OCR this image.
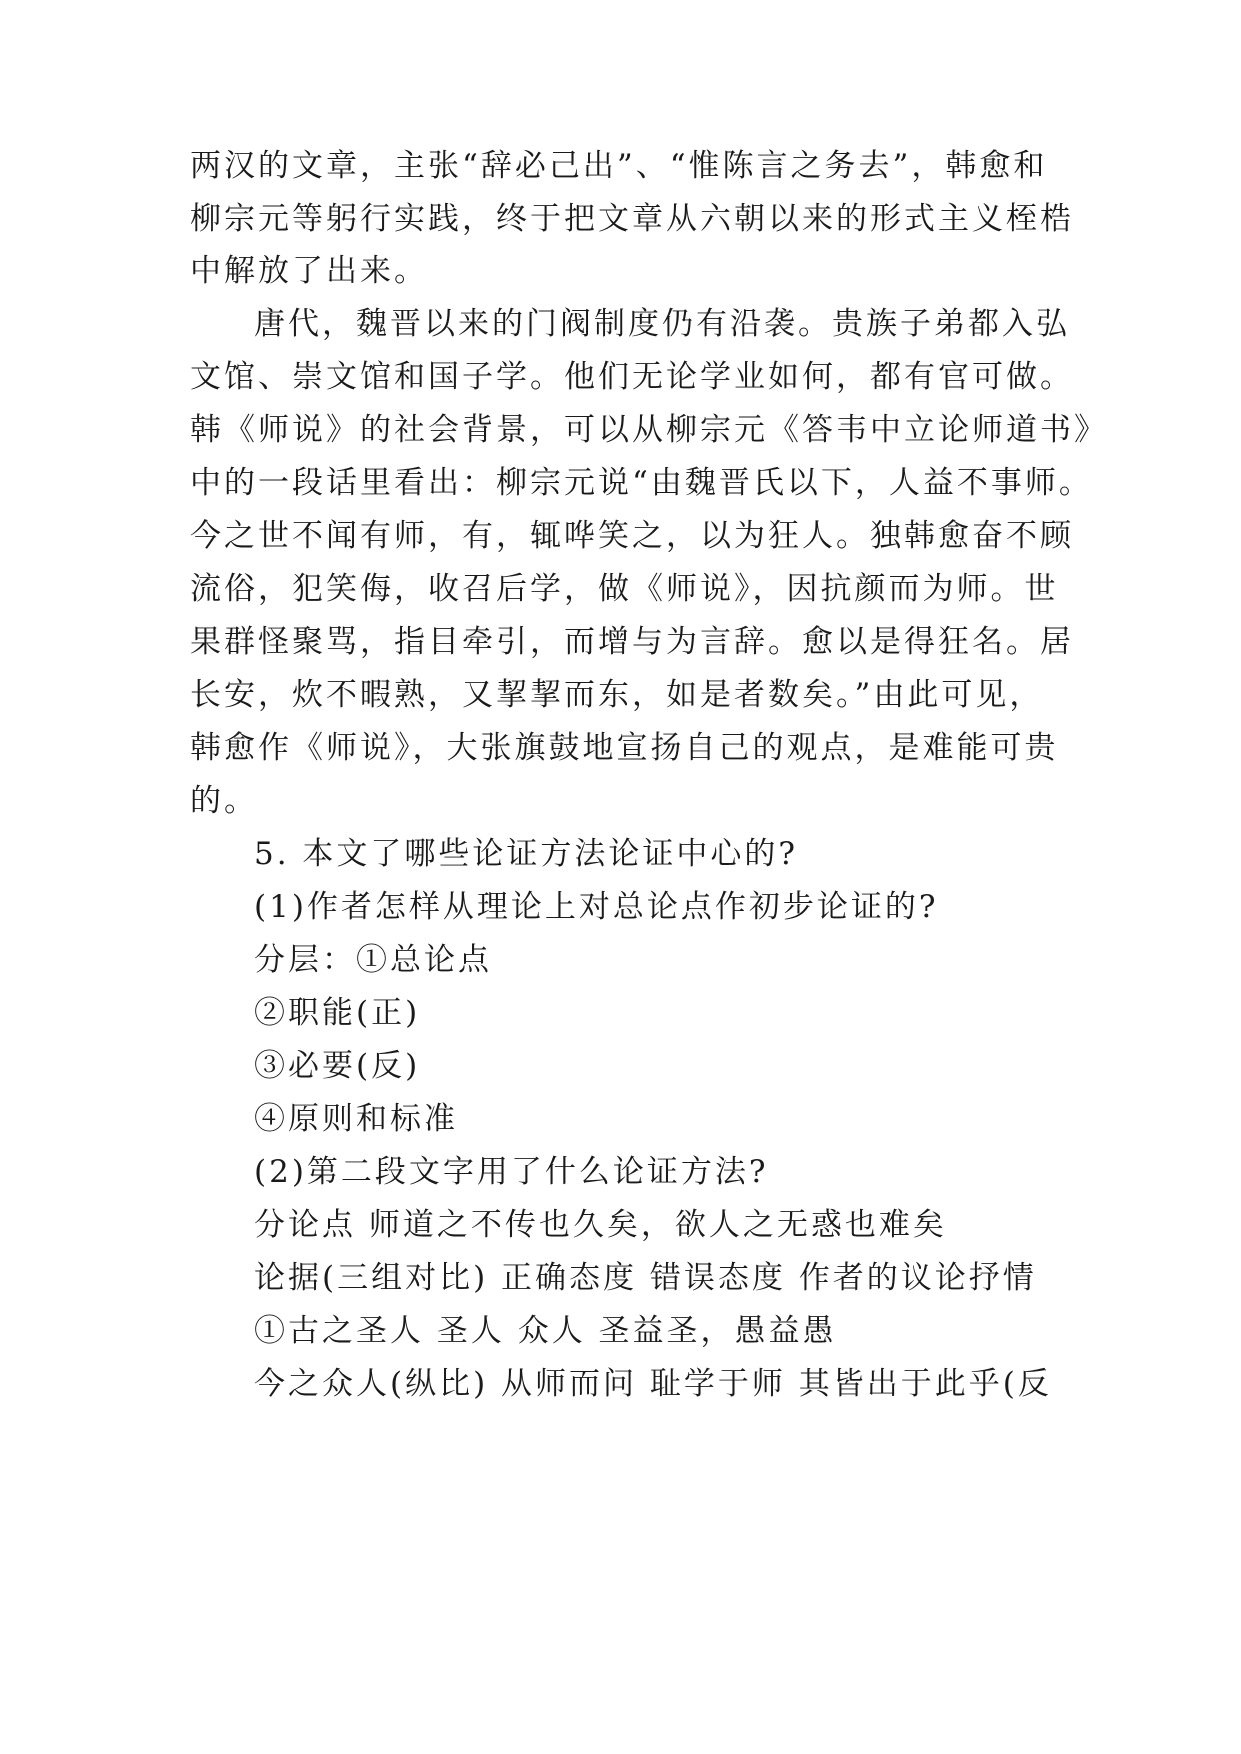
两汉的文章，主张“辞必己出”、“惟陈言之务去”，韩愈和
柳宗元等躬行实践，终于把文章从六朝以来的形式主义桎梏
中解放了出来。
唐代，魏晋以来的门阀制度仍有沿袭。贵族子弟都入弘
文馆、崇文馆和国子学。他们无论学业如何，都有官可做。
韩《师说》的社会背景，可以从柳宗元《答韦中立论师道书》
中的一段话里看出：柳宗元说“由魏晋氏以下，人益不事师。
今之世不闻有师，有，辄哗笑之，以为狂人。独韩愈奋不顾
流俗，犯笑侮，收召后学，做《师说》，因抗颜而为师。世
果群怪聚骂，指目牵引，而增与为言辞。愈以是得狂名。居
长安，炊不暇熟，又挈挈而东，如是者数矣。”由此可见，
韩愈作《师说》，大张旗鼓地宣扬自己的观点，是难能可贵
的。
5. 本文了哪些论证方法论证中心的?
(1)作者怎样从理论上对总论点作初步论证的?
分层：①总论点
②职能(正)
③必要(反)
④原则和标准
(2)第二段文字用了什么论证方法?
分论点 师道之不传也久矣，欲人之无惑也难矣
论据(三组对比) 正确态度 错误态度 作者的议论抒情
①古之圣人 圣人 众人 圣益圣，愚益愚
今之众人(纵比) 从师而问 耻学于师 其皆出于此乎(反
